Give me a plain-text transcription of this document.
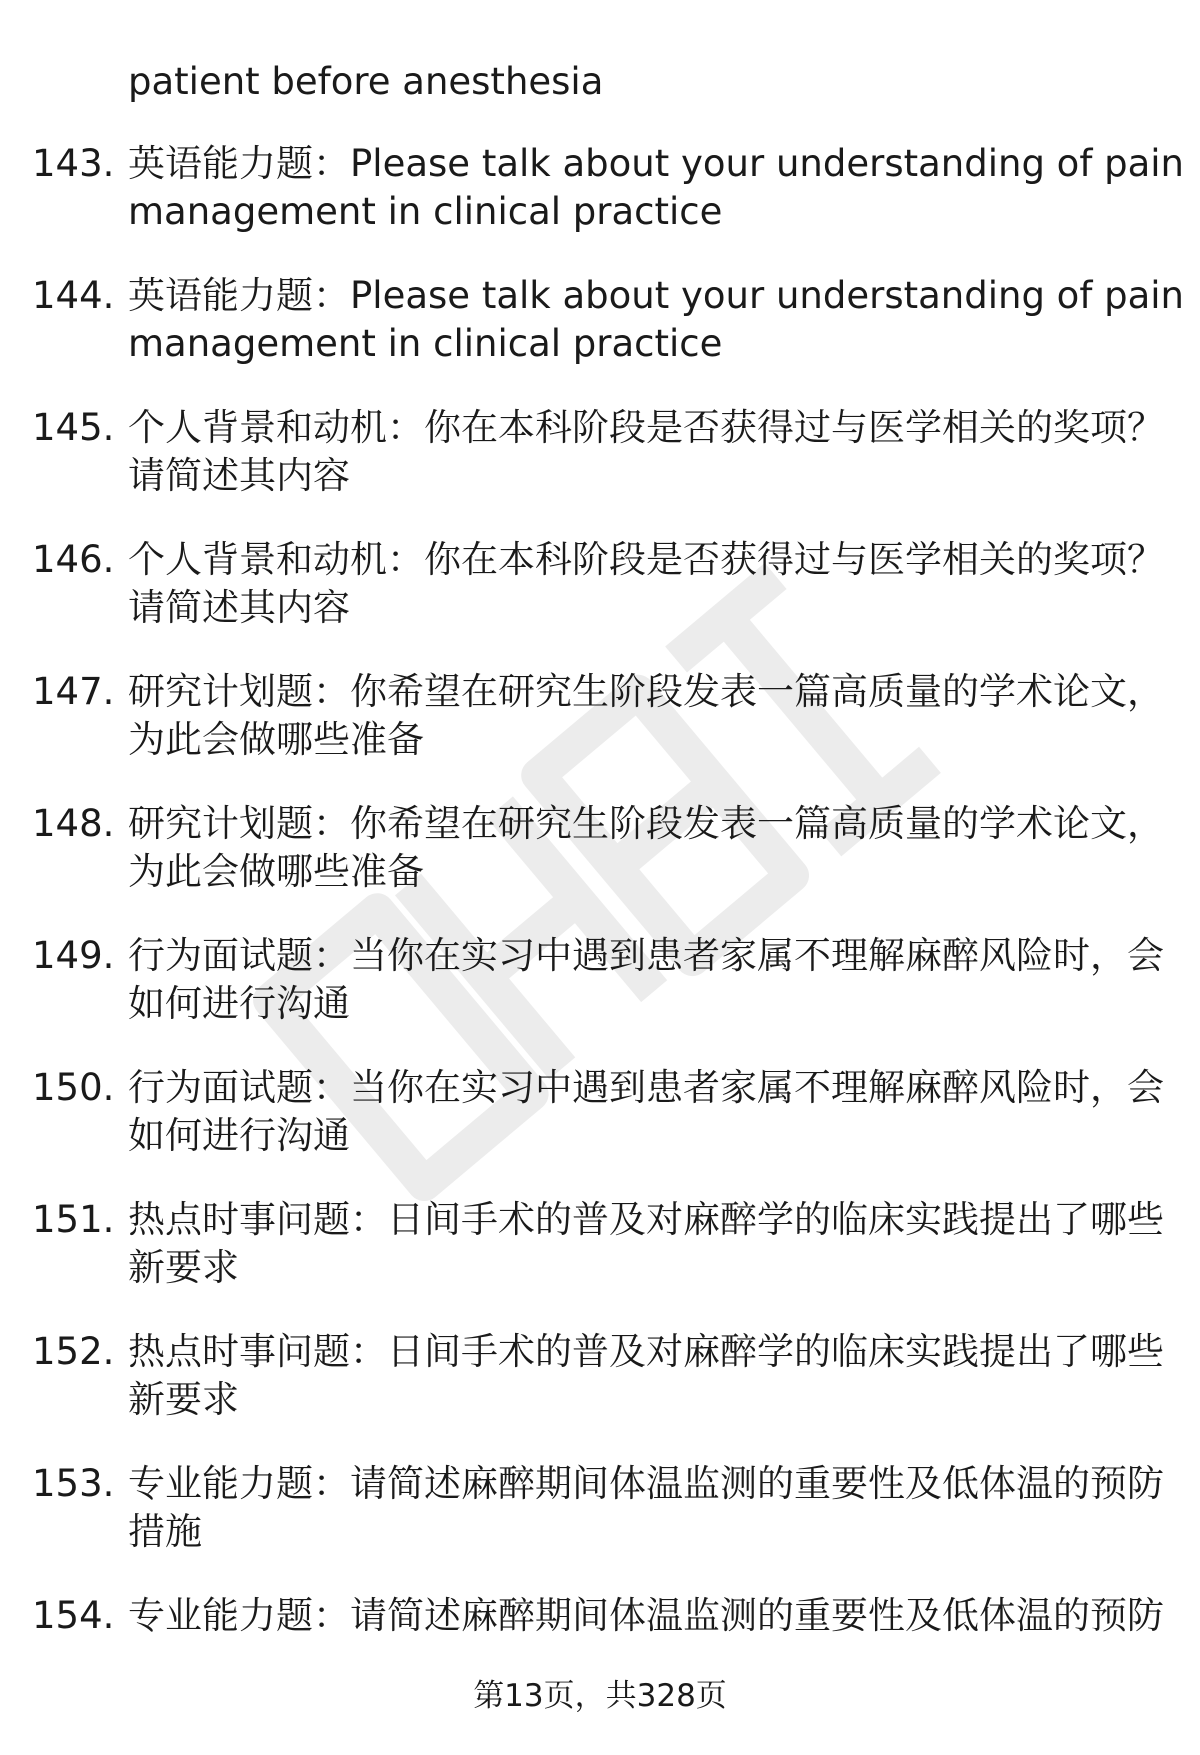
patient before anesthesia
143. 英语能力题：Please talk about your understanding of pain
management in clinical practice
144. 英语能力题：Please talk about your understanding of pain
management in clinical practice
145. 个人背景和动机：你在本科阶段是否获得过与医学相关的奖项？
请简述其内容
146. 个人背景和动机：你在本科阶段是否获得过与医学相关的奖项？
请简述其内容
147. 研究计划题：你希望在研究生阶段发表一篇高质量的学术论文，
为此会做哪些准备
148. 研究计划题：你希望在研究生阶段发表一篇高质量的学术论文，
为此会做哪些准备
149. 行为面试题：当你在实习中遇到患者家属不理解麻醉风险时，会
如何进行沟通
150. 行为面试题：当你在实习中遇到患者家属不理解麻醉风险时，会
如何进行沟通
151. 热点时事问题：日间手术的普及对麻醉学的临床实践提出了哪些
新要求
152. 热点时事问题：日间手术的普及对麻醉学的临床实践提出了哪些
新要求
153. 专业能力题：请简述麻醉期间体温监测的重要性及低体温的预防
措施
154. 专业能力题：请简述麻醉期间体温监测的重要性及低体温的预防
第13页，共328页
